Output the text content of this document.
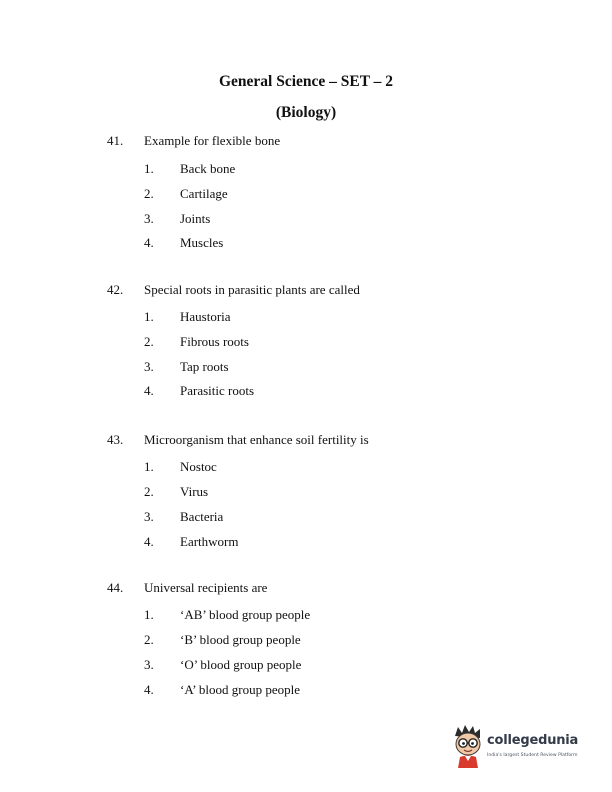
General Science – SET – 2
(Biology)
41. Example for flexible bone
1. Back bone
2. Cartilage
3. Joints
4. Muscles
42. Special roots in parasitic plants are called
1. Haustoria
2. Fibrous roots
3. Tap roots
4. Parasitic roots
43. Microorganism that enhance soil fertility is
1. Nostoc
2. Virus
3. Bacteria
4. Earthworm
44. Universal recipients are
1. ‘AB’ blood group people
2. ‘B’ blood group people
3. ‘O’ blood group people
4. ‘A’ blood group people
collegedunia
India's largest Student Review Platform
